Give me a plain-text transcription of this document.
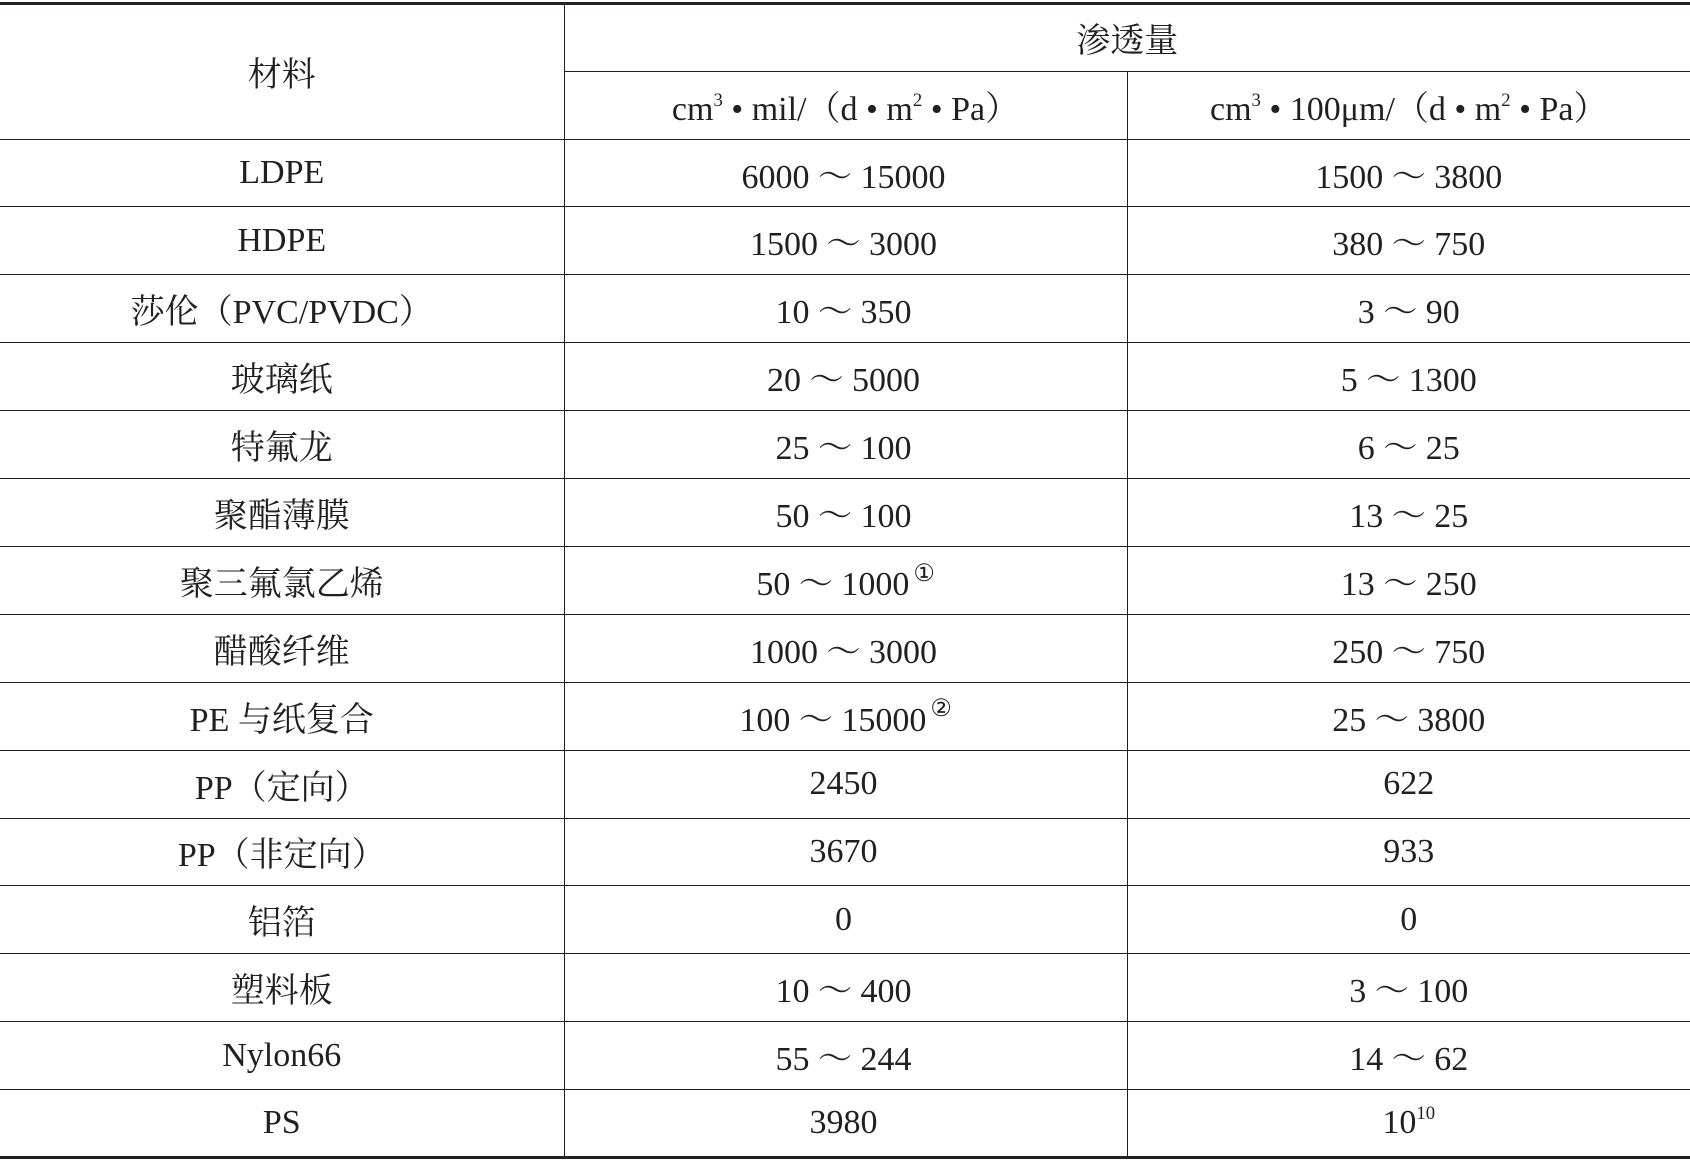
材料	渗透量	
	$cm^3$ • mil/（d • $m^2$ • Pa）	$cm^3$ • 100μm/（d • $m^2$ • Pa）
LDPE	6000 ～ 15000	1500 ～ 3800
HDPE	1500 ～ 3000	380 ～ 750
莎伦（PVC/PVDC）	10 ～ 350	3 ～ 90
玻璃纸	20 ～ 5000	5 ～ 1300
特氟龙	25 ～ 100	6 ～ 25
聚酯薄膜	50 ～ 100	13 ～ 25
聚三氟氯乙烯	50 ～ 1000 ①	13 ～ 250
醋酸纤维	1000 ～ 3000	250 ～ 750
PE 与纸复合	100 ～ 15000 ②	25 ～ 3800
PP（定向）	2450	622
PP（非定向）	3670	933
铝箔	0	0
塑料板	10 ～ 400	3 ～ 100
Nylon66	55 ～ 244	14 ～ 62
PS	3980	$10^{10}$
